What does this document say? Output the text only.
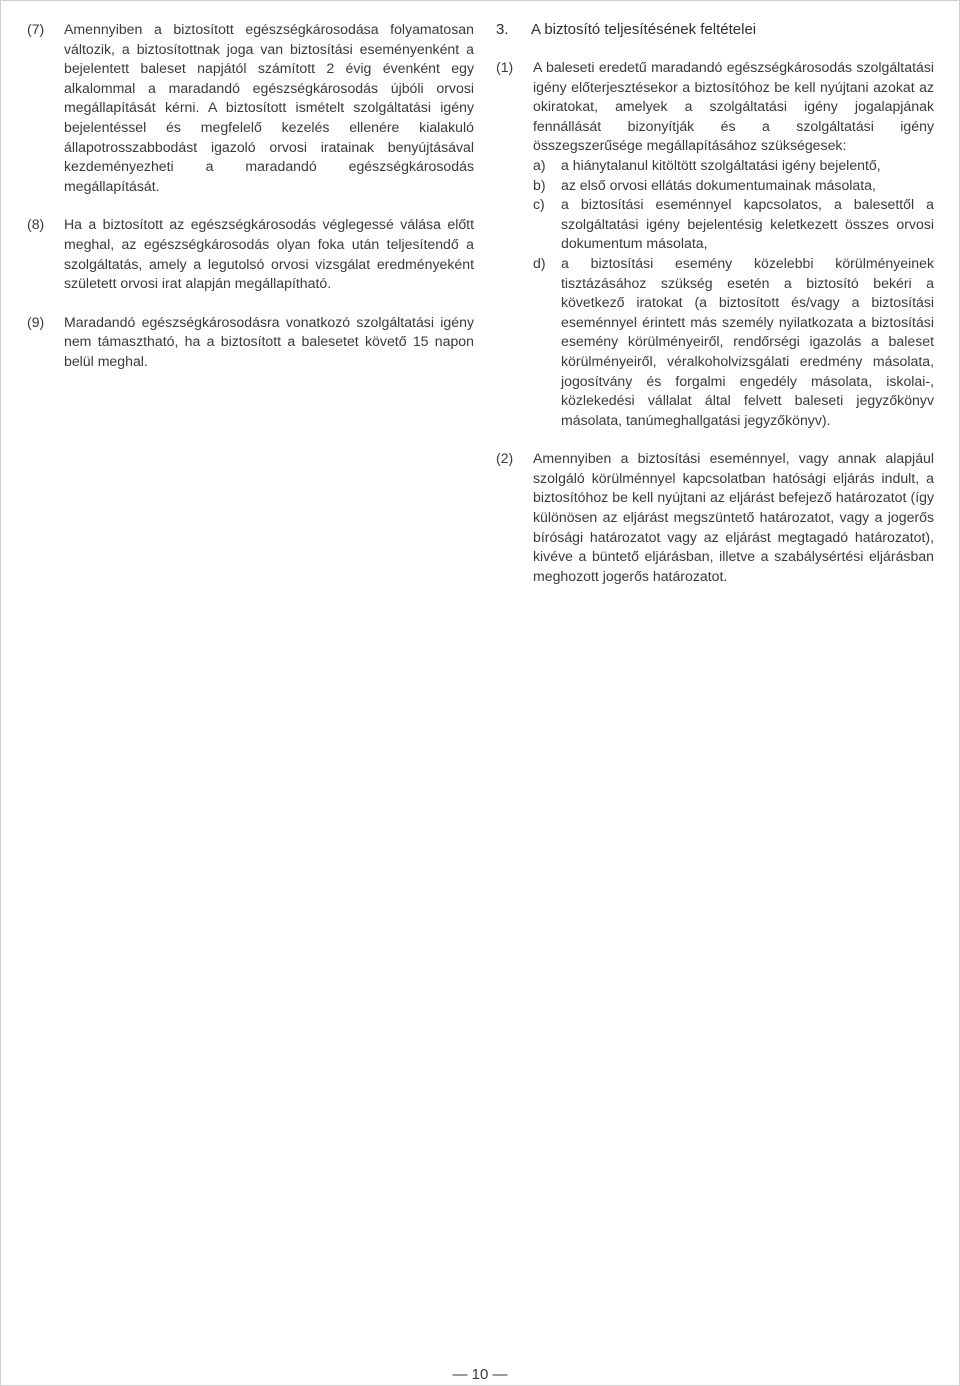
(7)	Amennyiben a biztosított egészségkárosodása folyamatosan változik, a biztosítottnak joga van biztosítási eseményenként a bejelentett baleset napjától számított 2 évig évenként egy alkalommal a maradandó egészségkárosodás újbóli orvosi megállapítását kérni. A biztosított ismételt szolgáltatási igény bejelentéssel és megfelelő kezelés ellenére kialakuló állapotrosszabbodást igazoló orvosi iratainak benyújtásával kezdeményezheti a maradandó egészségkárosodás megállapítását.
(8)	Ha a biztosított az egészségkárosodás véglegessé válása előtt meghal, az egészségkárosodás olyan foka után teljesítendő a szolgáltatás, amely a legutolsó orvosi vizsgálat eredményeként született orvosi irat alapján megállapítható.
(9)	Maradandó egészségkárosodásra vonatkozó szolgáltatási igény nem támasztható, ha a biztosított a balesetet követő 15 napon belül meghal.
3.	A biztosító teljesítésének feltételei
(1)	A baleseti eredetű maradandó egészségkárosodás szolgáltatási igény előterjesztésekor a biztosítóhoz be kell nyújtani azokat az okiratokat, amelyek a szolgáltatási igény jogalapjának fennállását bizonyítják és a szolgáltatási igény összegszerűsége megállapításához szükségesek:
a)	a hiánytalanul kitöltött szolgáltatási igény bejelentő,
b)	az első orvosi ellátás dokumentumainak másolata,
c)	a biztosítási eseménnyel kapcsolatos, a balesettől a szolgáltatási igény bejelentésig keletkezett összes orvosi dokumentum másolata,
d)	a biztosítási esemény közelebbi körülményeinek tisztázásához szükség esetén a biztosító bekéri a következő iratokat (a biztosított és/vagy a biztosítási eseménnyel érintett más személy nyilatkozata a biztosítási esemény körülményeiről, rendőrségi igazolás a baleset körülményeiről, véralkoholvizsgálati eredmény másolata, jogosítvány és forgalmi engedély másolata, iskolai-, közlekedési vállalat által felvett baleseti jegyzőkönyv másolata, tanúmeghallgatási jegyzőkönyv).
(2)	Amennyiben a biztosítási eseménnyel, vagy annak alapjául szolgáló körülménnyel kapcsolatban hatósági eljárás indult, a biztosítóhoz be kell nyújtani az eljárást befejező határozatot (így különösen az eljárást megszüntető határozatot, vagy a jogerős bírósági határozatot vagy az eljárást megtagadó határozatot), kivéve a büntető eljárásban, illetve a szabálysértési eljárásban meghozott jogerős határozatot.
— 10 —
